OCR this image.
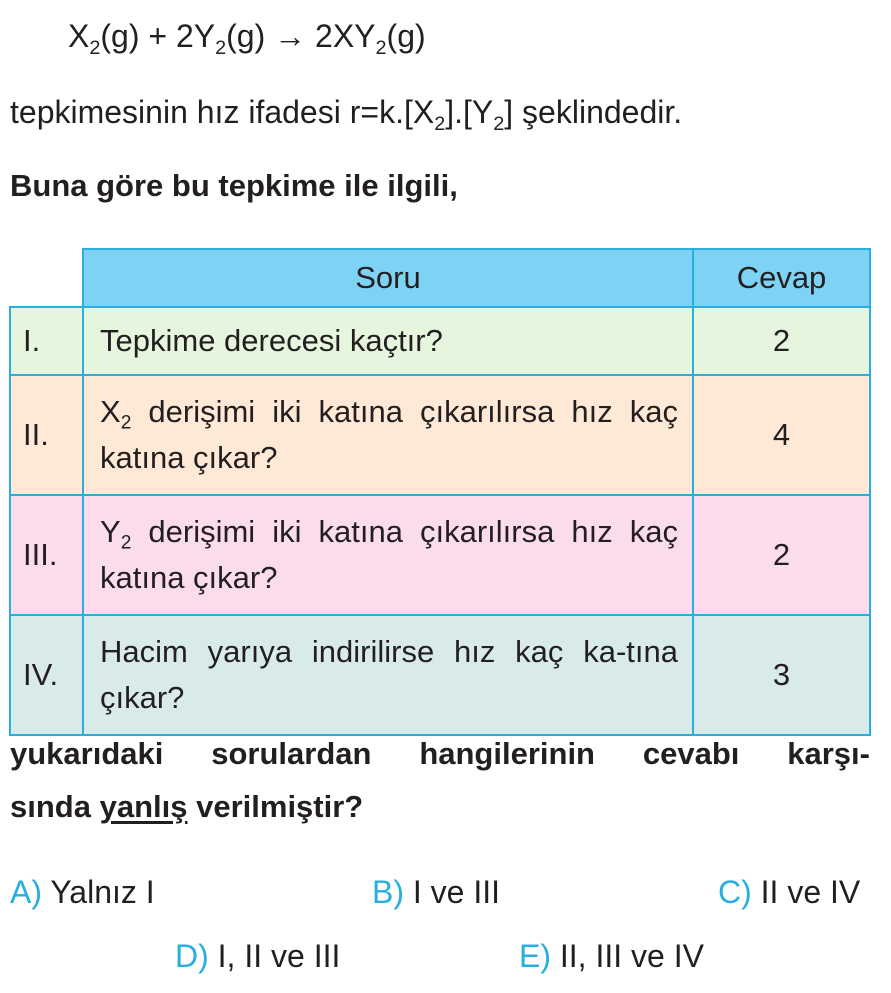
$X_2(g) + 2Y_2(g) \to 2XY_2(g)$
tepkimesinin hız ifadesi $r=k.[X_2].[Y_2]$ şeklindedir.
Buna göre bu tepkime ile ilgili,
	Soru	Cevap
I.	Tepkime derecesi kaçtır?	2
II.	$X_2$ derişimi iki katına çıkarılırsa hız kaç katına çıkar?	4
III.	$Y_2$ derişimi iki katına çıkarılırsa hız kaç katına çıkar?	2
IV.	Hacim yarıya indirilirse hız kaç ka-tına çıkar?	3
yukarıdaki sorulardan hangilerinin cevabı karşı-
sında yanlış verilmiştir?
A) Yalnız I	B) I ve III	C) II ve IV
D) I, II ve III	E) II, III ve IV
